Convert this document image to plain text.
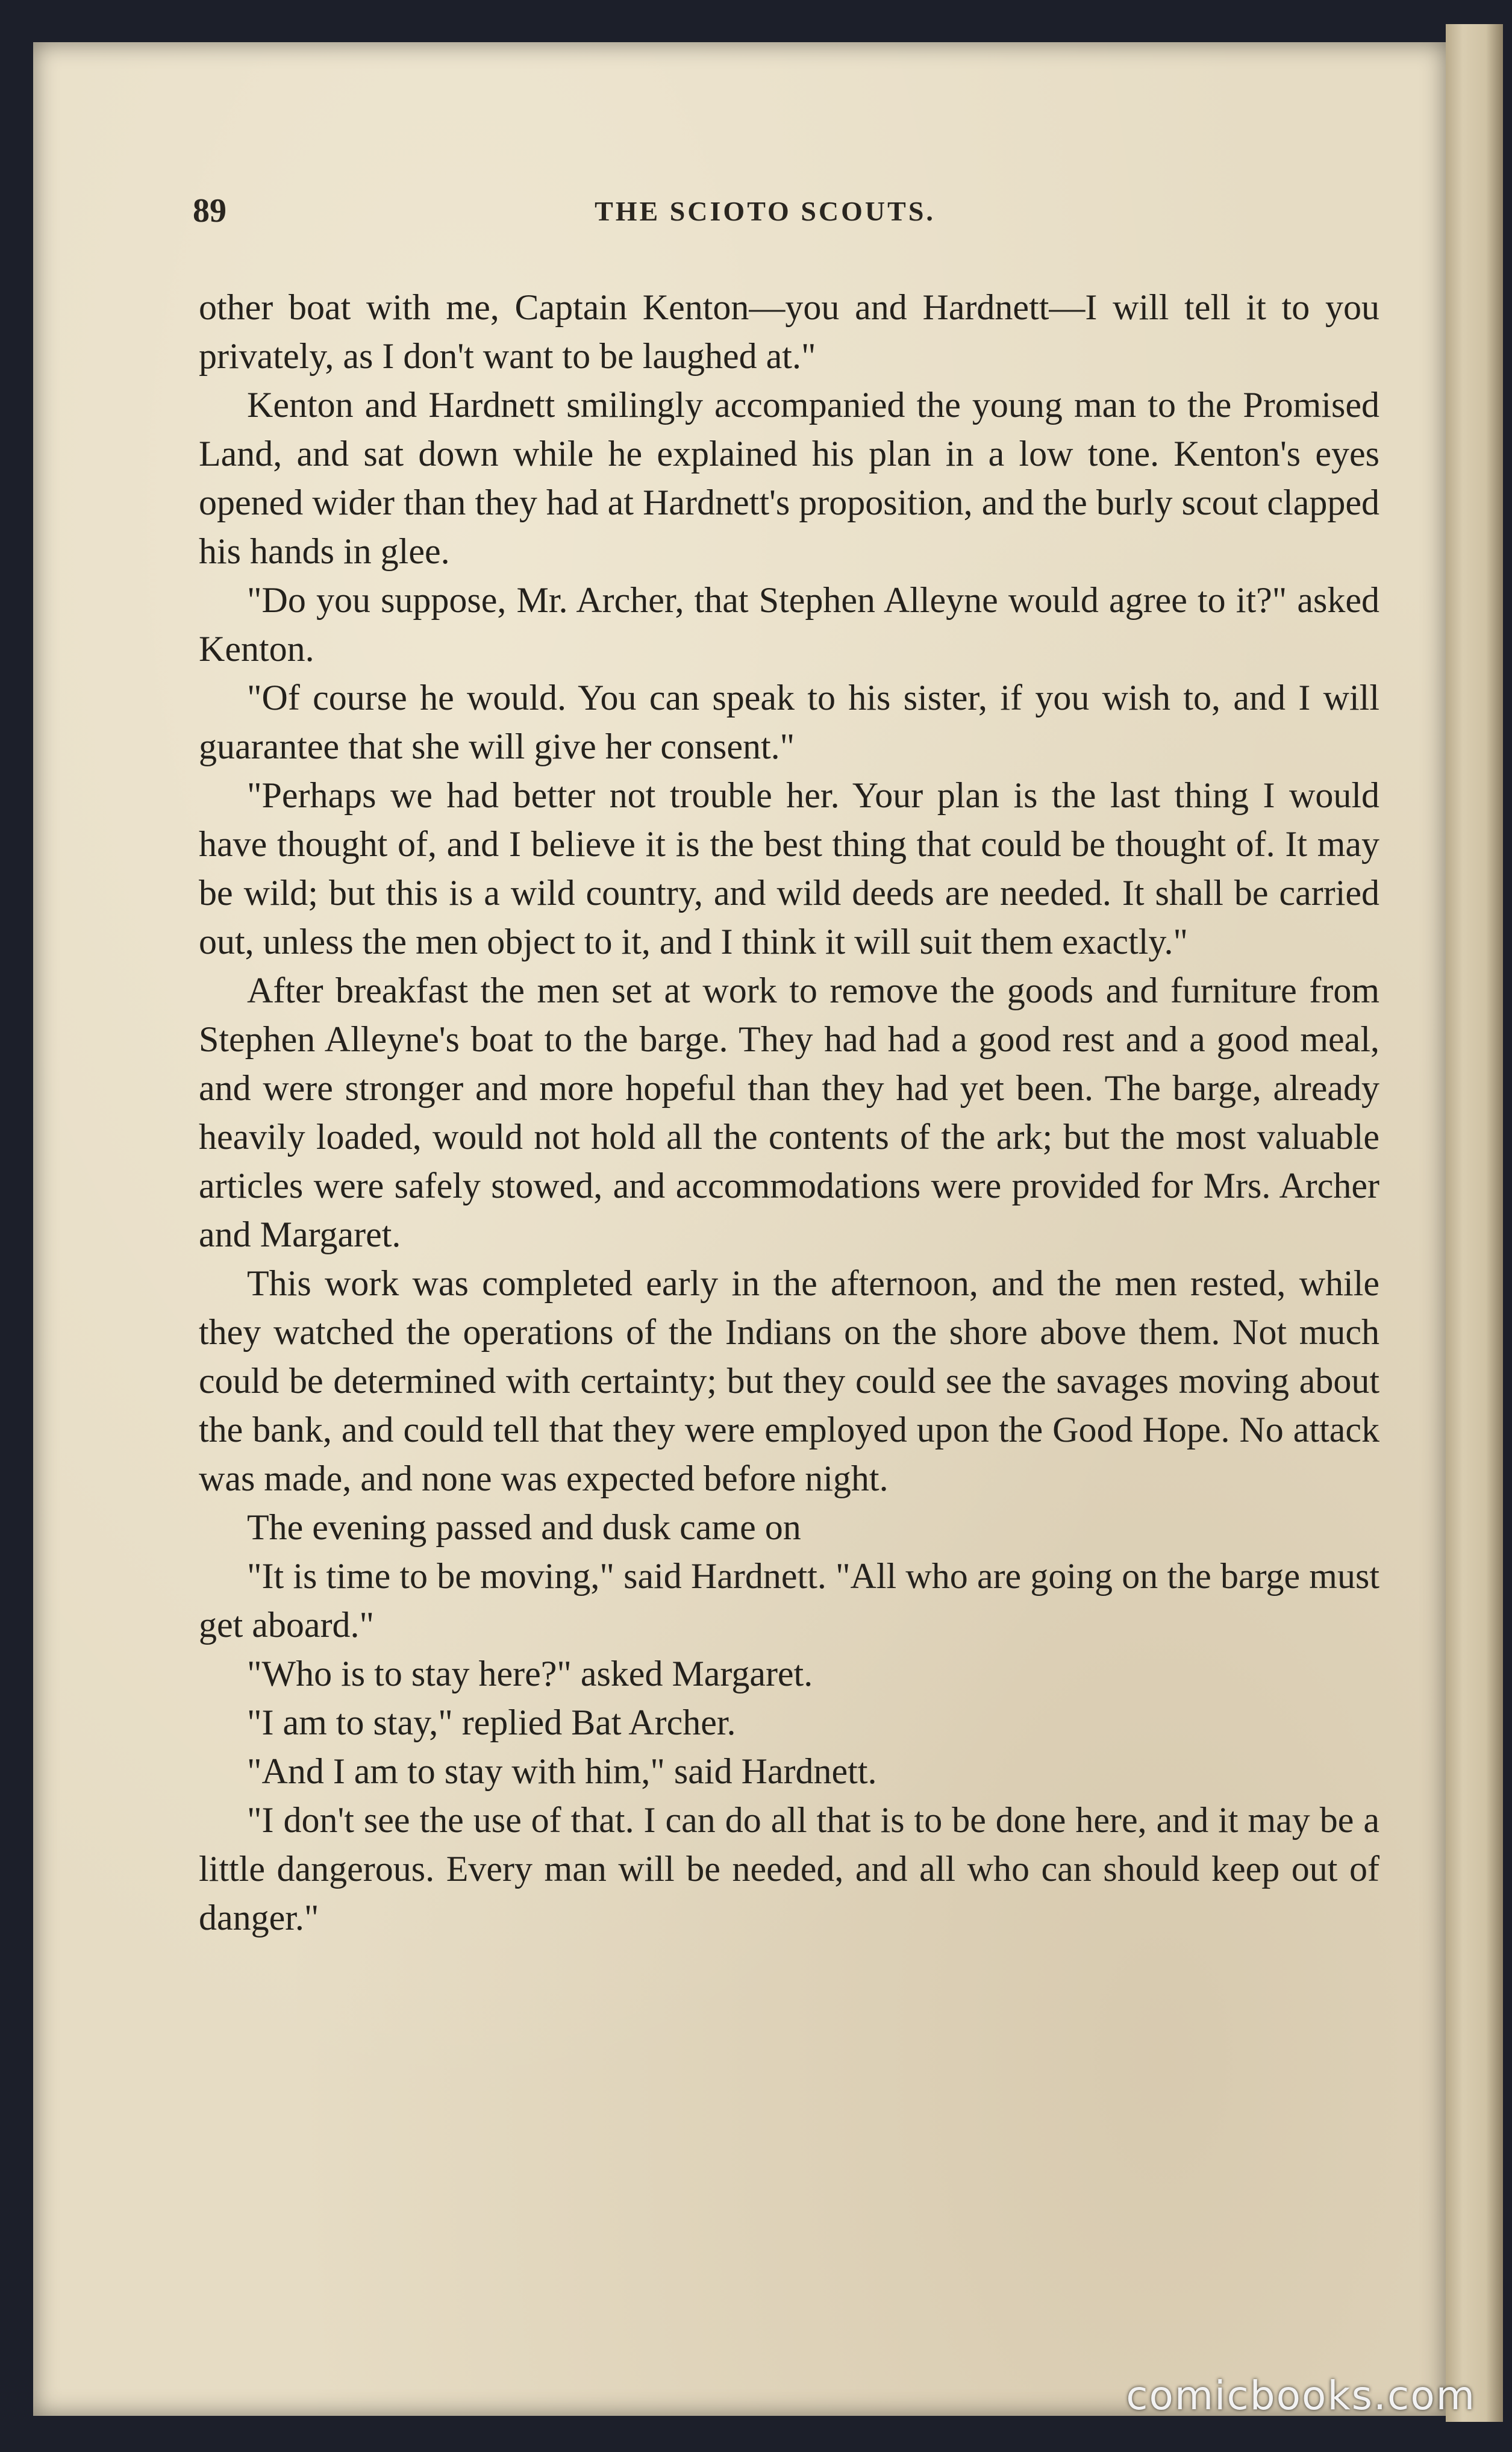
89	THE SCIOTO SCOUTS.

other boat with me, Captain Kenton—you and Hardnett—I will tell it to you privately, as I don't want to be laughed at."

Kenton and Hardnett smilingly accompanied the young man to the Promised Land, and sat down while he explained his plan in a low tone. Kenton's eyes opened wider than they had at Hardnett's proposition, and the burly scout clapped his hands in glee.

"Do you suppose, Mr. Archer, that Stephen Alleyne would agree to it?" asked Kenton.

"Of course he would. You can speak to his sister, if you wish to, and I will guarantee that she will give her consent."

"Perhaps we had better not trouble her. Your plan is the last thing I would have thought of, and I believe it is the best thing that could be thought of. It may be wild; but this is a wild country, and wild deeds are needed. It shall be carried out, unless the men object to it, and I think it will suit them exactly."

After breakfast the men set at work to remove the goods and furniture from Stephen Alleyne's boat to the barge. They had had a good rest and a good meal, and were stronger and more hopeful than they had yet been. The barge, already heavily loaded, would not hold all the contents of the ark; but the most valuable articles were safely stowed, and accommodations were provided for Mrs. Archer and Margaret.

This work was completed early in the afternoon, and the men rested, while they watched the operations of the Indians on the shore above them. Not much could be determined with certainty; but they could see the savages moving about the bank, and could tell that they were employed upon the Good Hope. No attack was made, and none was expected before night.

The evening passed and dusk came on

"It is time to be moving," said Hardnett. "All who are going on the barge must get aboard."

"Who is to stay here?" asked Margaret.

"I am to stay," replied Bat Archer.

"And I am to stay with him," said Hardnett.

"I don't see the use of that. I can do all that is to be done here, and it may be a little dangerous. Every man will be needed, and all who can should keep out of danger."

comicbooks.com
